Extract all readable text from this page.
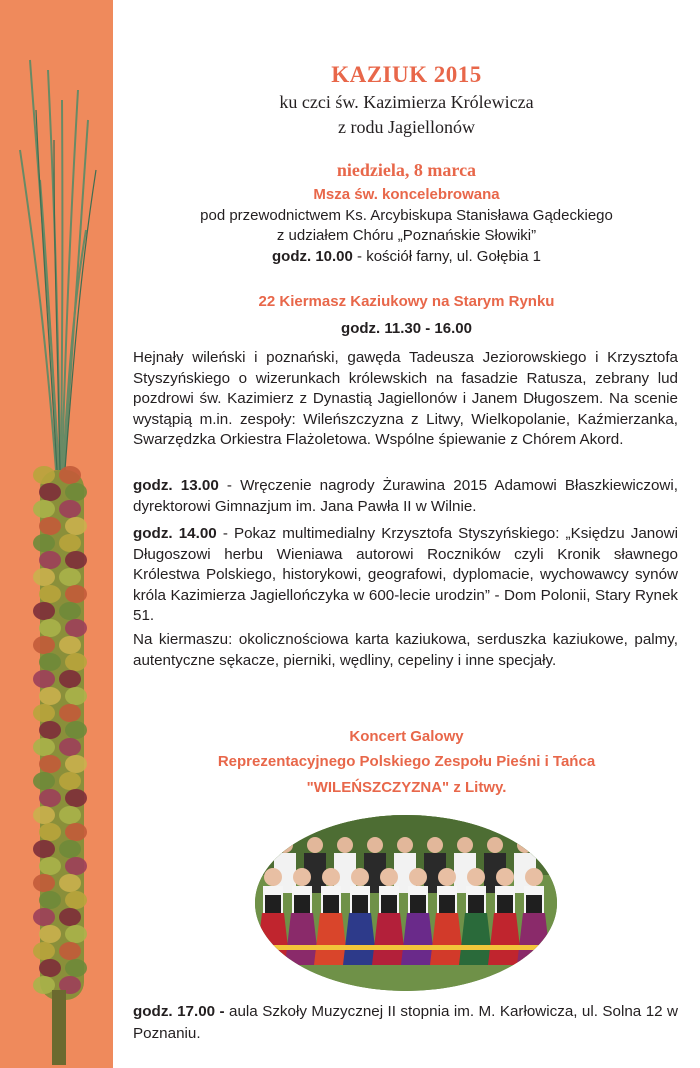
KAZIUK 2015
ku czci św. Kazimierza Królewicza
z rodu Jagiellonów
niedziela, 8 marca
Msza św. koncelebrowana
pod przewodnictwem Ks. Arcybiskupa Stanisława Gądeckiego
z udziałem Chóru „Poznańskie Słowiki”
godz. 10.00 - kościół farny, ul. Gołębia 1
22 Kiermasz Kaziukowy na Starym Rynku
godz. 11.30 - 16.00
Hejnały wileński i poznański, gawęda Tadeusza Jeziorowskiego i Krzysztofa Styszyńskiego o wizerunkach królewskich na fasadzie Ratusza, zebrany lud pozdrowi św. Kazimierz z Dynastią Jagiellonów i Janem Długoszem. Na scenie wystąpią m.in. zespoły: Wileńszczyzna z Litwy, Wielkopolanie, Kaźmierzanka, Swarzędzka Orkiestra Flażoletowa. Wspólne śpiewanie z Chórem Akord.
godz. 13.00 - Wręczenie nagrody Żurawina 2015 Adamowi Błaszkiewiczowi, dyrektorowi Gimnazjum im. Jana Pawła II w Wilnie.
godz. 14.00 - Pokaz multimedialny Krzysztofa Styszyńskiego: „Księdzu Janowi Długoszowi herbu Wieniawa autorowi Roczników czyli Kronik sławnego Królestwa Polskiego, historykowi, geografowi, dyplomacie, wychowawcy synów króla Kazimierza Jagiellończyka w 600-lecie urodzin” - Dom Polonii, Stary Rynek 51.
Na kiermaszu: okolicznościowa karta kaziukowa, serduszka kaziukowe, palmy, autentyczne sękacze, pierniki, wędliny, cepeliny i inne specjały.
Koncert Galowy
Reprezentacyjnego Polskiego Zespołu Pieśni i Tańca
"WILEŃSZCZYZNA" z Litwy.
godz. 17.00 - aula Szkoły Muzycznej II stopnia im. M. Karłowicza, ul. Solna 12 w Poznaniu.
